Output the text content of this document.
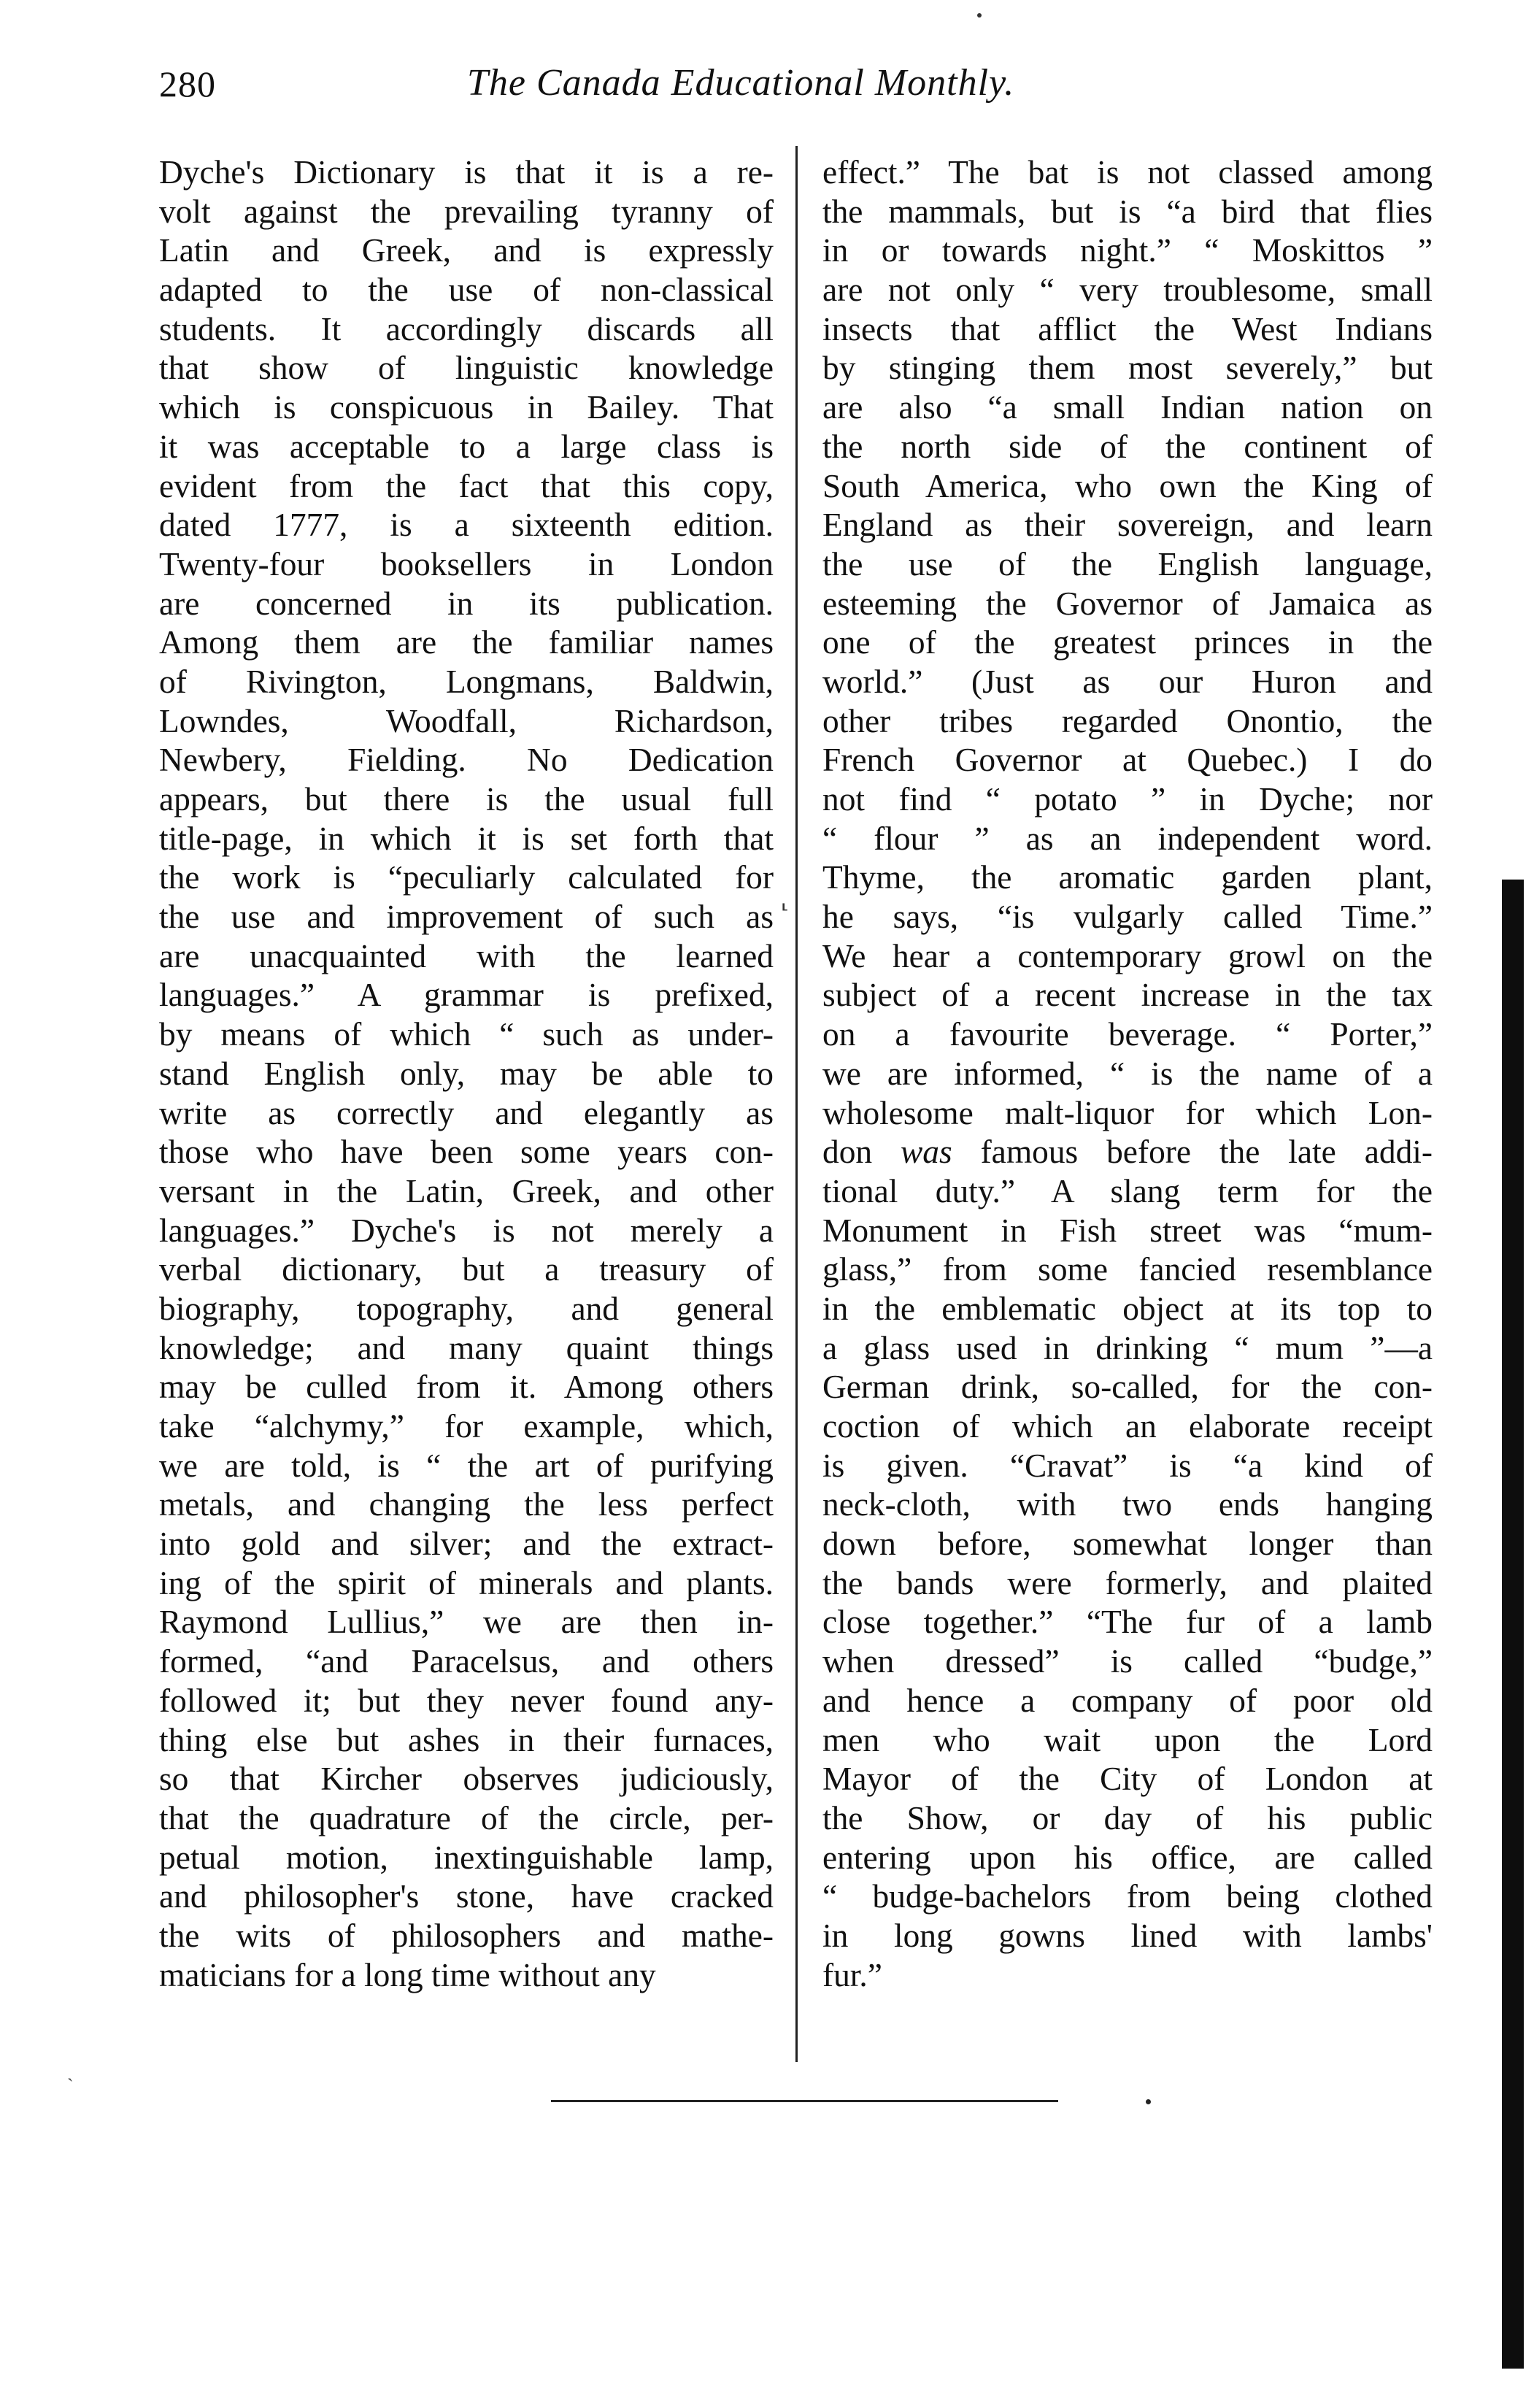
280	The Canada Educational Monthly.
Dyche's Dictionary is that it is a re-
volt against the prevailing tyranny of
Latin and Greek, and is expressly
adapted to the use of non-classical
students. It accordingly discards all
that show of linguistic knowledge
which is conspicuous in Bailey. That
it was acceptable to a large class is
evident from the fact that this copy,
dated 1777, is a sixteenth edition.
Twenty-four booksellers in London
are concerned in its publication.
Among them are the familiar names
of Rivington, Longmans, Baldwin,
Lowndes, Woodfall, Richardson,
Newbery, Fielding. No Dedication
appears, but there is the usual full
title-page, in which it is set forth that
the work is “peculiarly calculated for
the use and improvement of such as
are unacquainted with the learned
languages.” A grammar is prefixed,
by means of which “ such as under-
stand English only, may be able to
write as correctly and elegantly as
those who have been some years con-
versant in the Latin, Greek, and other
languages.” Dyche's is not merely a
verbal dictionary, but a treasury of
biography, topography, and general
knowledge; and many quaint things
may be culled from it. Among others
take “alchymy,” for example, which,
we are told, is “ the art of purifying
metals, and changing the less perfect
into gold and silver; and the extract-
ing of the spirit of minerals and plants.
Raymond Lullius,” we are then in-
formed, “and Paracelsus, and others
followed it; but they never found any-
thing else but ashes in their furnaces,
so that Kircher observes judiciously,
that the quadrature of the circle, per-
petual motion, inextinguishable lamp,
and philosopher's stone, have cracked
the wits of philosophers and mathe-
maticians for a long time without any
effect.” The bat is not classed among
the mammals, but is “a bird that flies
in or towards night.” “ Moskittos ”
are not only “ very troublesome, small
insects that afflict the West Indians
by stinging them most severely,” but
are also “a small Indian nation on
the north side of the continent of
South America, who own the King of
England as their sovereign, and learn
the use of the English language,
esteeming the Governor of Jamaica as
one of the greatest princes in the
world.” (Just as our Huron and
other tribes regarded Onontio, the
French Governor at Quebec.) I do
not find “ potato ” in Dyche; nor
“ flour ” as an independent word.
Thyme, the aromatic garden plant,
he says, “is vulgarly called Time.”
We hear a contemporary growl on the
subject of a recent increase in the tax
on a favourite beverage. “ Porter,”
we are informed, “ is the name of a
wholesome malt-liquor for which Lon-
don was famous before the late addi-
tional duty.” A slang term for the
Monument in Fish street was “mum-
glass,” from some fancied resemblance
in the emblematic object at its top to
a glass used in drinking “ mum ”—a
German drink, so-called, for the con-
coction of which an elaborate receipt
is given. “Cravat” is “a kind of
neck-cloth, with two ends hanging
down before, somewhat longer than
the bands were formerly, and plaited
close together.” “The fur of a lamb
when dressed” is called “budge,”
and hence a company of poor old
men who wait upon the Lord
Mayor of the City of London at
the Show, or day of his public
entering upon his office, are called
“ budge-bachelors from being clothed
in long gowns lined with lambs'
fur.”
⸤
ˎ
